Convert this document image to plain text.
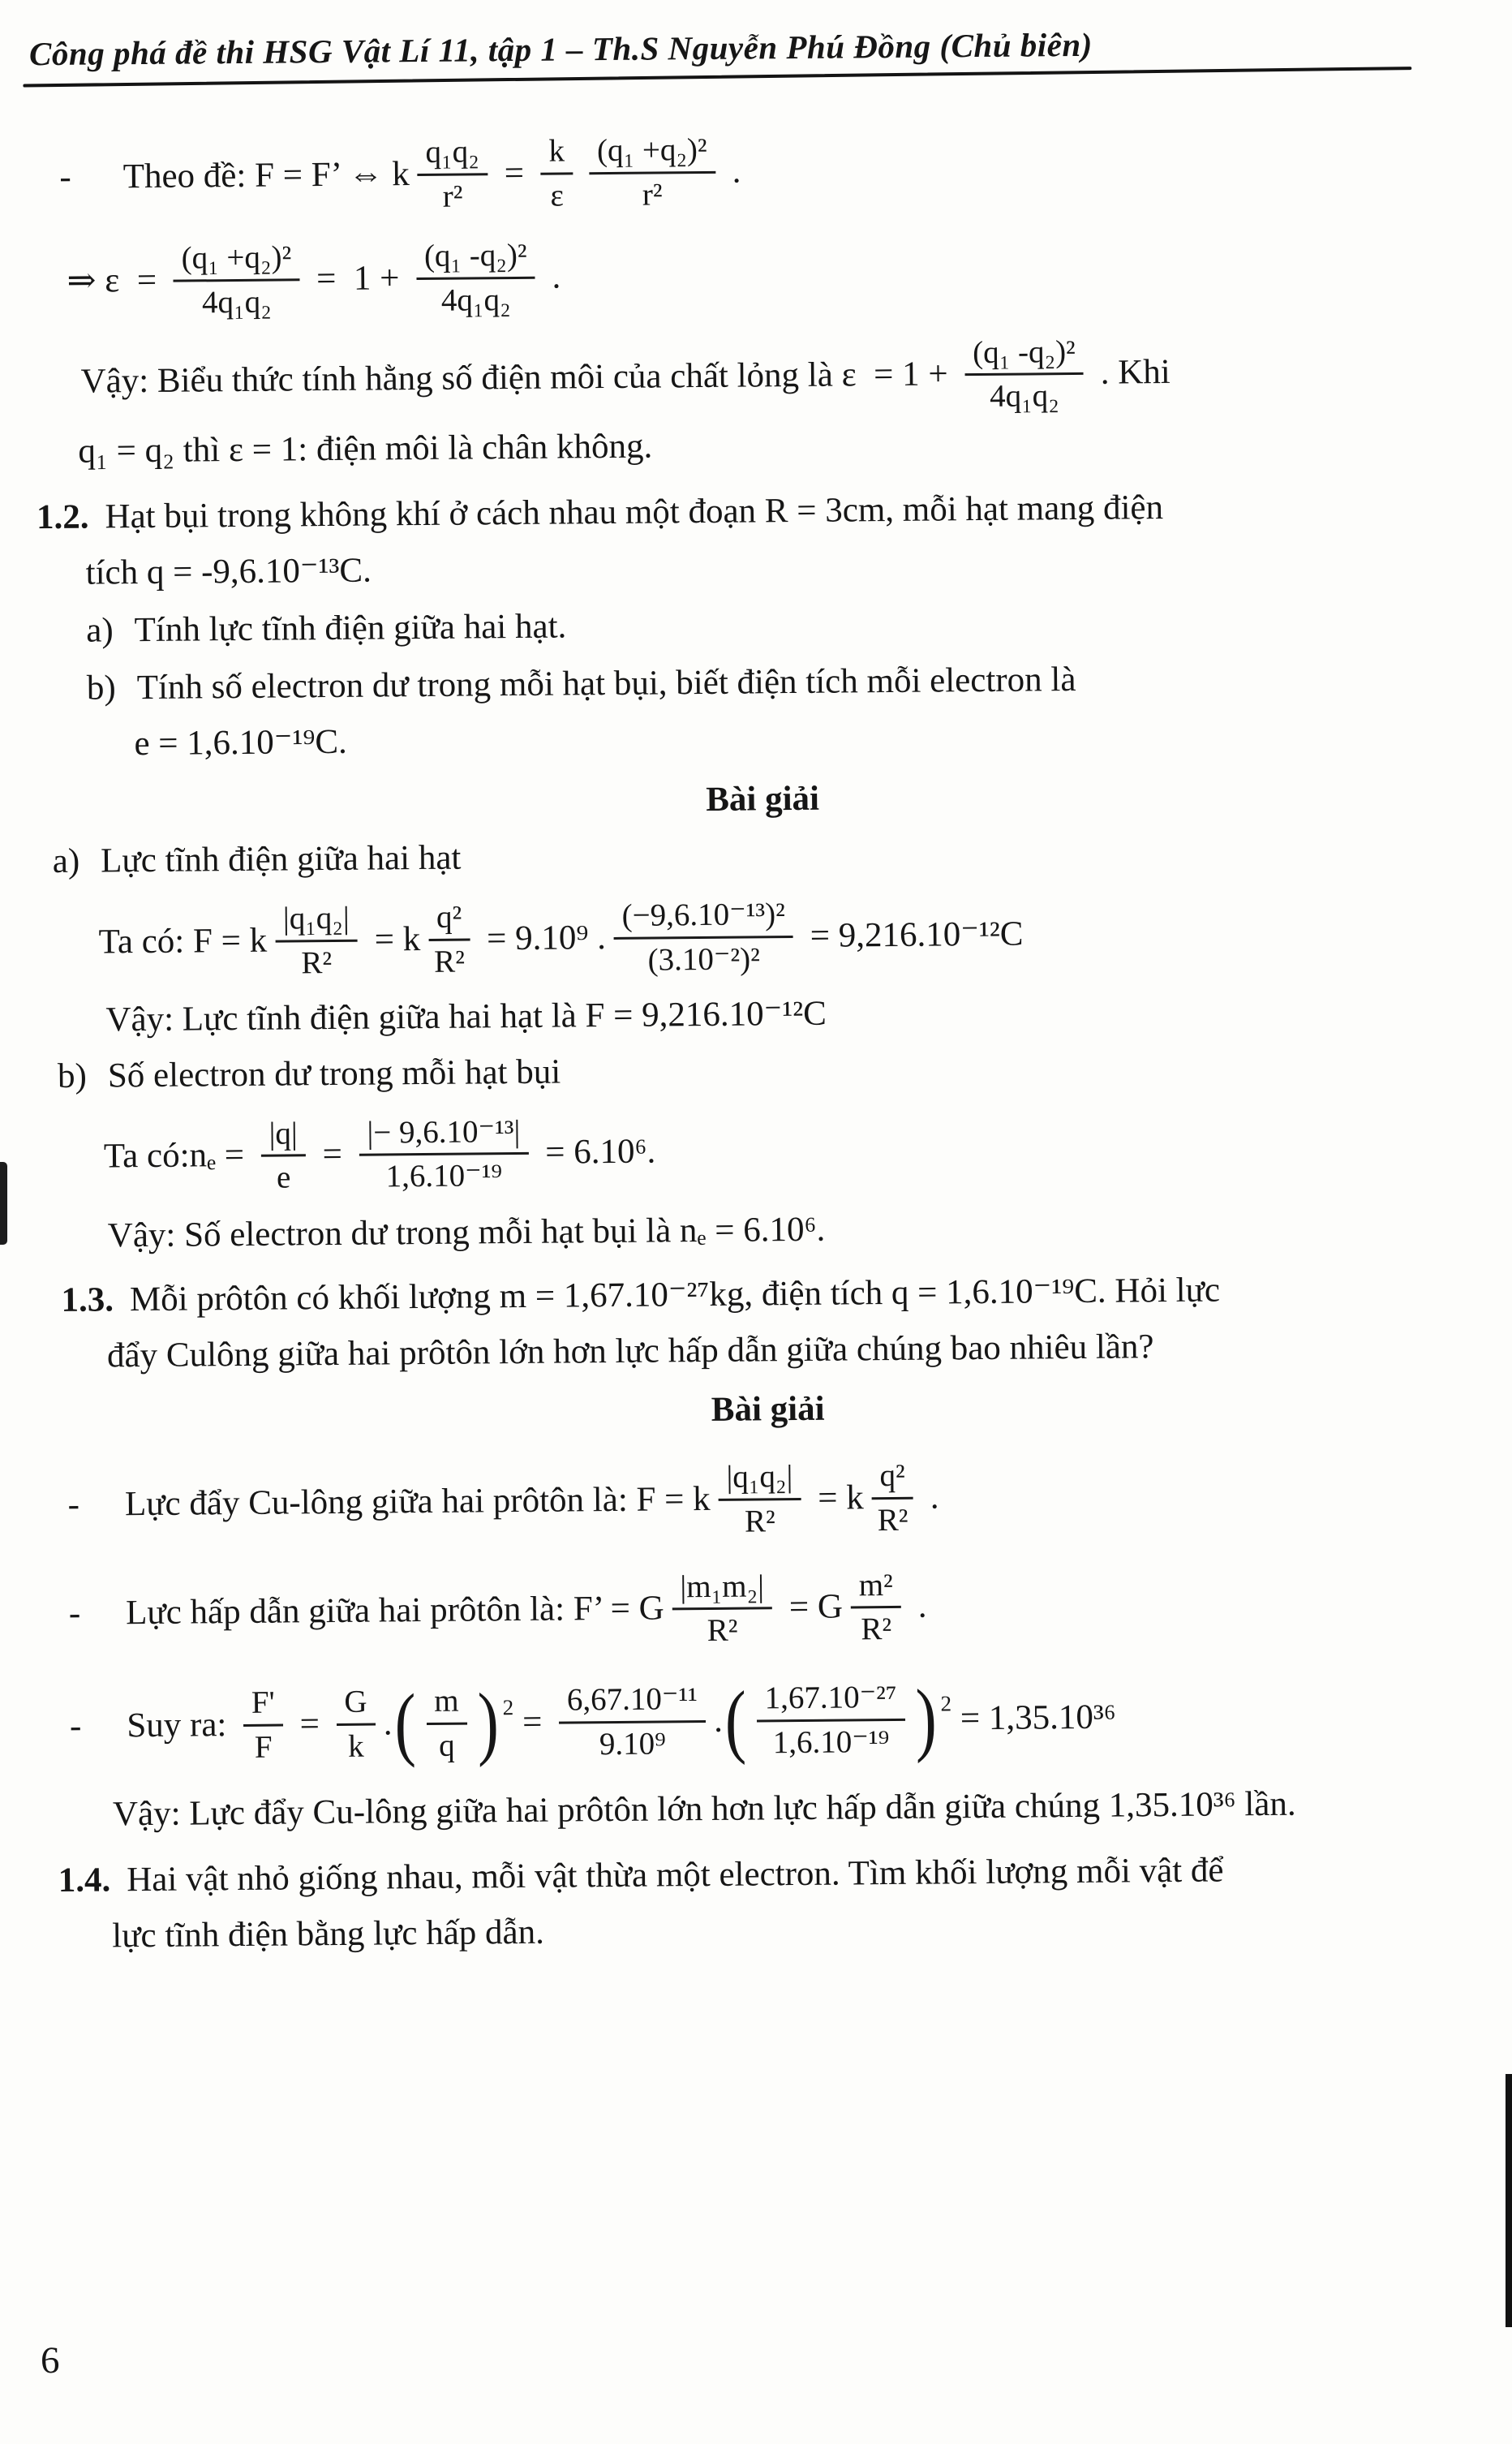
Công phá đề thi HSG Vật Lí 11, tập 1 – Th.S Nguyễn Phú Đồng (Chủ biên)
- Theo đề: F = F’ ⇔ k $\frac{\text{q₁q₂}}{\text{r²}} = \frac{k}{\varepsilon} \frac{\text{(q₁ +q₂)²}}{\text{r²}}$ .
⇒ $\varepsilon = \frac{\text{(q₁ +q₂)²}}{\text{4q₁q₂}} = 1 + \frac{\text{(q₁ -q₂)²}}{\text{4q₁q₂}}$ .
Vậy: Biểu thức tính hằng số điện môi của chất lỏng là $\varepsilon = 1 + \frac{\text{(q₁ -q₂)²}}{\text{4q₁q₂}}$ . Khi
q₁ = q₂ thì ε = 1: điện môi là chân không.
1.2. Hạt bụi trong không khí ở cách nhau một đoạn R = 3cm, mỗi hạt mang điện
tích q = -9,6.10⁻¹³C.
a) Tính lực tĩnh điện giữa hai hạt.
b) Tính số electron dư trong mỗi hạt bụi, biết điện tích mỗi electron là
e = 1,6.10⁻¹⁹C.
Bài giải
a) Lực tĩnh điện giữa hai hạt
Ta có: F = k $\frac{\text{|q₁q₂|}}{\text{R²}} = k \frac{\text{q²}}{\text{R²}} = 9.10^9$ . $\frac{\text{(−9,6.10⁻¹³)²}}{\text{(3.10⁻²)²}} = 9,216.10^{-12}C$
Vậy: Lực tĩnh điện giữa hai hạt là F = 9,216.10⁻¹²C
b) Số electron dư trong mỗi hạt bụi
Ta có:nₑ = $\frac{|q|}{e} = \frac{\text{|− 9,6.10⁻¹³|}}{\text{1,6.10⁻¹⁹}} = 6.10^6$.
Vậy: Số electron dư trong mỗi hạt bụi là nₑ = 6.10⁶.
1.3. Mỗi prôtôn có khối lượng m = 1,67.10⁻²⁷kg, điện tích q = 1,6.10⁻¹⁹C. Hỏi lực
đẩy Culông giữa hai prôtôn lớn hơn lực hấp dẫn giữa chúng bao nhiêu lần?
Bài giải
- Lực đẩy Cu-lông giữa hai prôtôn là: F = k $\frac{\text{|q₁q₂|}}{\text{R²}} = k \frac{\text{q²}}{\text{R²}}$ .
- Lực hấp dẫn giữa hai prôtôn là: F’ = G $\frac{\text{|m₁m₂|}}{\text{R²}} = G \frac{\text{m²}}{\text{R²}}$ .
- Suy ra: $\frac{F'}{F} = \frac{G}{k}$ . ( $\frac{m}{q}$ ) $2 = \frac{\text{6,67.10⁻¹¹}}{\text{9.10⁹}}$ . ( $\frac{\text{1,67.10⁻²⁷}}{\text{1,6.10⁻¹⁹}}$ ) 2 = 1,35.10³⁶
Vậy: Lực đẩy Cu-lông giữa hai prôtôn lớn hơn lực hấp dẫn giữa chúng 1,35.10³⁶ lần.
1.4. Hai vật nhỏ giống nhau, mỗi vật thừa một electron. Tìm khối lượng mỗi vật để
lực tĩnh điện bằng lực hấp dẫn.
6
